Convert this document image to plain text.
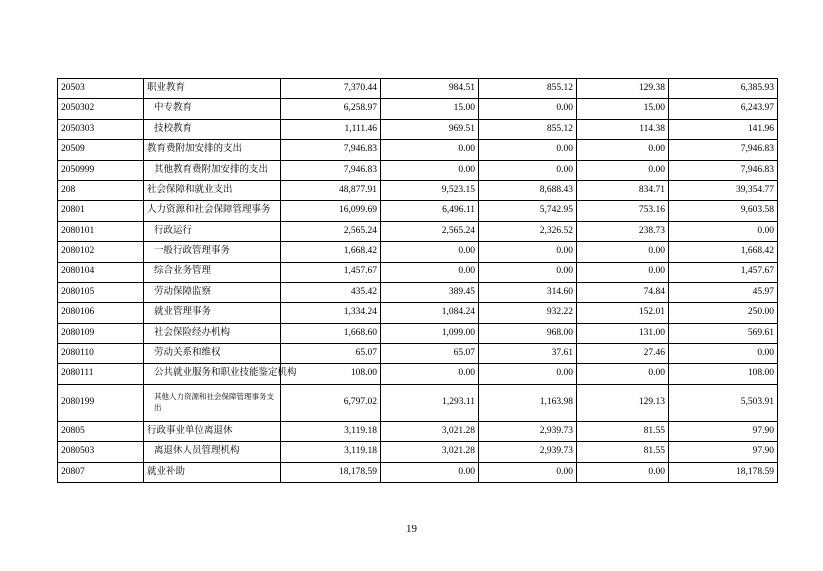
20503	职业教育	7,370.44	984.51	855.12	129.38	6,385.93
2050302	中专教育	6,258.97	15.00	0.00	15.00	6,243.97
2050303	技校教育	1,111.46	969.51	855.12	114.38	141.96
20509	教育费附加安排的支出	7,946.83	0.00	0.00	0.00	7,946.83
2050999	其他教育费附加安排的支出	7,946.83	0.00	0.00	0.00	7,946.83
208	社会保障和就业支出	48,877.91	9,523.15	8,688.43	834.71	39,354.77
20801	人力资源和社会保障管理事务	16,099.69	6,496.11	5,742.95	753.16	9,603.58
2080101	行政运行	2,565.24	2,565.24	2,326.52	238.73	0.00
2080102	一般行政管理事务	1,668.42	0.00	0.00	0.00	1,668.42
2080104	综合业务管理	1,457.67	0.00	0.00	0.00	1,457.67
2080105	劳动保障监察	435.42	389.45	314.60	74.84	45.97
2080106	就业管理事务	1,334.24	1,084.24	932.22	152.01	250.00
2080109	社会保险经办机构	1,668.60	1,099.00	968.00	131.00	569.61
2080110	劳动关系和维权	65.07	65.07	37.61	27.46	0.00
2080111	公共就业服务和职业技能鉴定机构	108.00	0.00	0.00	0.00	108.00
2080199	其他人力资源和社会保障管理事务支出	6,797.02	1,293.11	1,163.98	129.13	5,503.91
20805	行政事业单位离退休	3,119.18	3,021.28	2,939.73	81.55	97.90
2080503	离退休人员管理机构	3,119.18	3,021.28	2,939.73	81.55	97.90
20807	就业补助	18,178.59	0.00	0.00	0.00	18,178.59
19
